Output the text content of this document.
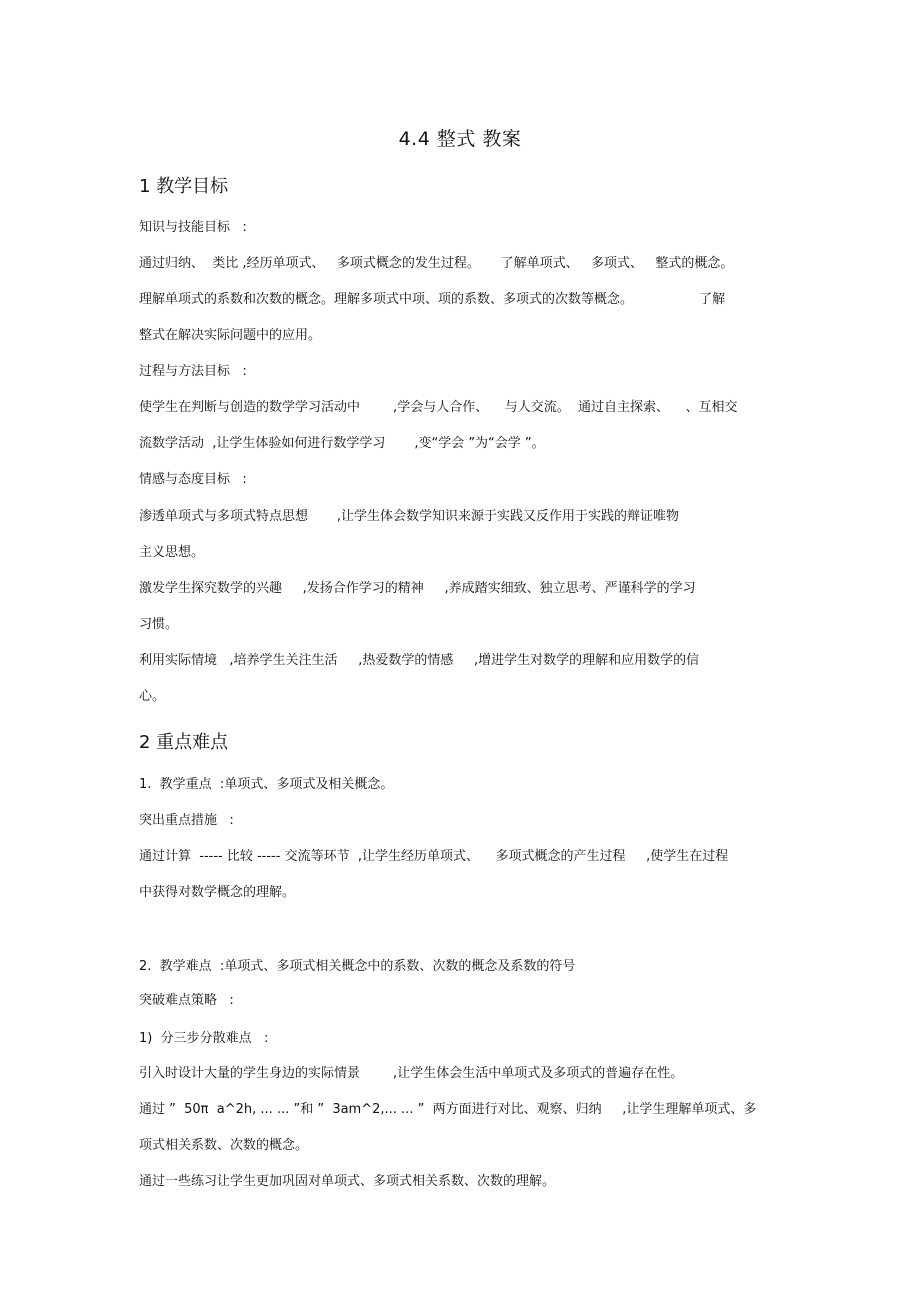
4.4 整式 教案
1 教学目标
知识与技能目标   :
通过归纳、  类比 ,经历单项式、   多项式概念的发生过程。     了解单项式、   多项式、   整式的概念。
理解单项式的系数和次数的概念。理解多项式中项、项的系数、多项式的次数等概念。                了解
整式在解决实际问题中的应用。
过程与方法目标   :
使学生在判断与创造的数学学习活动中        ,学会与人合作、    与人交流。  通过自主探索、    、互相交
流数学活动  ,让学生体验如何进行数学学习       ,变“学会 ”为“会学 ”。
情感与态度目标   :
渗透单项式与多项式特点思想       ,让学生体会数学知识来源于实践又反作用于实践的辩证唯物
主义思想。
激发学生探究数学的兴趣     ,发扬合作学习的精神     ,养成踏实细致、独立思考、严谨科学的学习
习惯。
利用实际情境   ,培养学生关注生活     ,热爱数学的情感     ,增进学生对数学的理解和应用数学的信
心。
2 重点难点
1.  教学重点  :单项式、多项式及相关概念。
突出重点措施   :
通过计算  ----- 比较 ----- 交流等环节  ,让学生经历单项式、    多项式概念的产生过程     ,使学生在过程
中获得对数学概念的理解。
2.  教学难点  :单项式、多项式相关概念中的系数、次数的概念及系数的符号
突破难点策略   :
1)  分三步分散难点   :
引入时设计大量的学生身边的实际情景        ,让学生体会生活中单项式及多项式的普遍存在性。
通过 ”  50π  a^2h, ... ... ”和 ”  3am^2,... ... ”  两方面进行对比、观察、归纳     ,让学生理解单项式、多
项式相关系数、次数的概念。
通过一些练习让学生更加巩固对单项式、多项式相关系数、次数的理解。
